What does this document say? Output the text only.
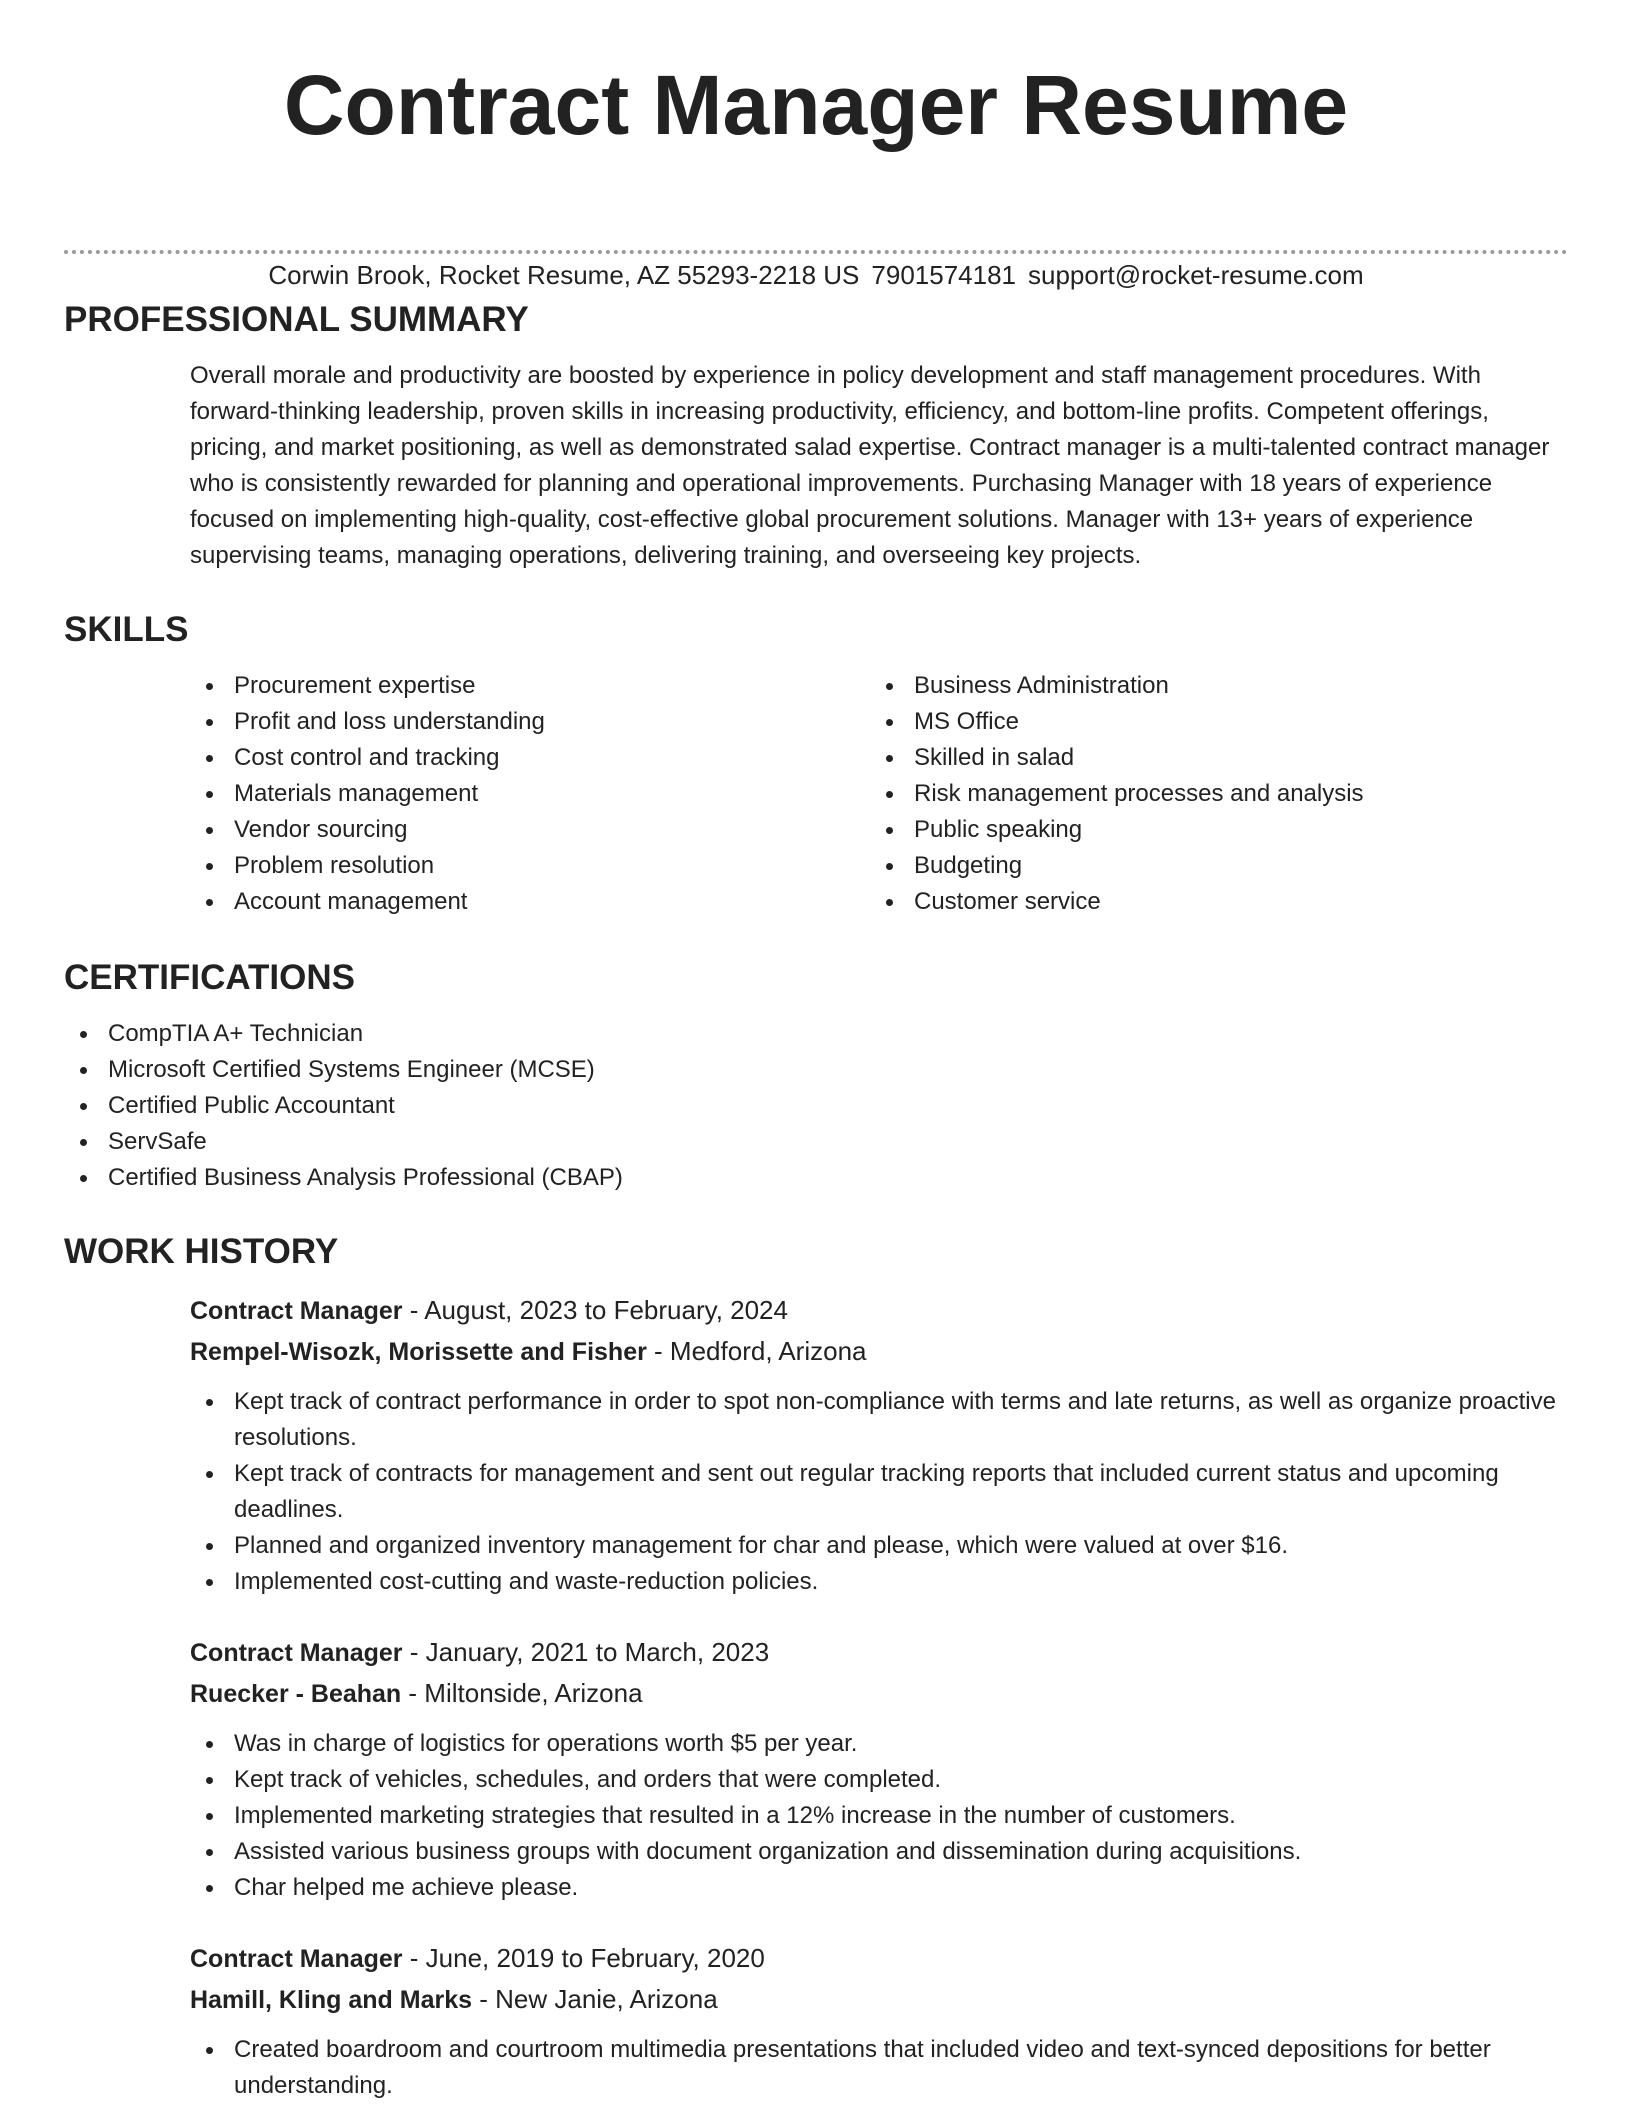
Contract Manager Resume
Corwin Brook, Rocket Resume, AZ 55293-2218 US 7901574181 support@rocket-resume.com
PROFESSIONAL SUMMARY

Overall morale and productivity are boosted by experience in policy development and staff management procedures. With forward-thinking leadership, proven skills in increasing productivity, efficiency, and bottom-line profits. Competent offerings, pricing, and market positioning, as well as demonstrated salad expertise. Contract manager is a multi-talented contract manager who is consistently rewarded for planning and operational improvements. Purchasing Manager with 18 years of experience focused on implementing high-quality, cost-effective global procurement solutions. Manager with 13+ years of experience supervising teams, managing operations, delivering training, and overseeing key projects.

SKILLS
Procurement expertise
Profit and loss understanding
Cost control and tracking
Materials management
Vendor sourcing
Problem resolution
Account management
Business Administration
MS Office
Skilled in salad
Risk management processes and analysis
Public speaking
Budgeting
Customer service
CERTIFICATIONS
CompTIA A+ Technician
Microsoft Certified Systems Engineer (MCSE)
Certified Public Accountant
ServSafe
Certified Business Analysis Professional (CBAP)
WORK HISTORY
Contract Manager - August, 2023 to February, 2024
Rempel-Wisozk, Morissette and Fisher - Medford, Arizona
Kept track of contract performance in order to spot non-compliance with terms and late returns, as well as organize proactive resolutions.
Kept track of contracts for management and sent out regular tracking reports that included current status and upcoming deadlines.
Planned and organized inventory management for char and please, which were valued at over $16.
Implemented cost-cutting and waste-reduction policies.
Contract Manager - January, 2021 to March, 2023
Ruecker - Beahan - Miltonside, Arizona
Was in charge of logistics for operations worth $5 per year.
Kept track of vehicles, schedules, and orders that were completed.
Implemented marketing strategies that resulted in a 12% increase in the number of customers.
Assisted various business groups with document organization and dissemination during acquisitions.
Char helped me achieve please.
Contract Manager - June, 2019 to February, 2020
Hamill, Kling and Marks - New Janie, Arizona
Created boardroom and courtroom multimedia presentations that included video and text-synced depositions for better understanding.
